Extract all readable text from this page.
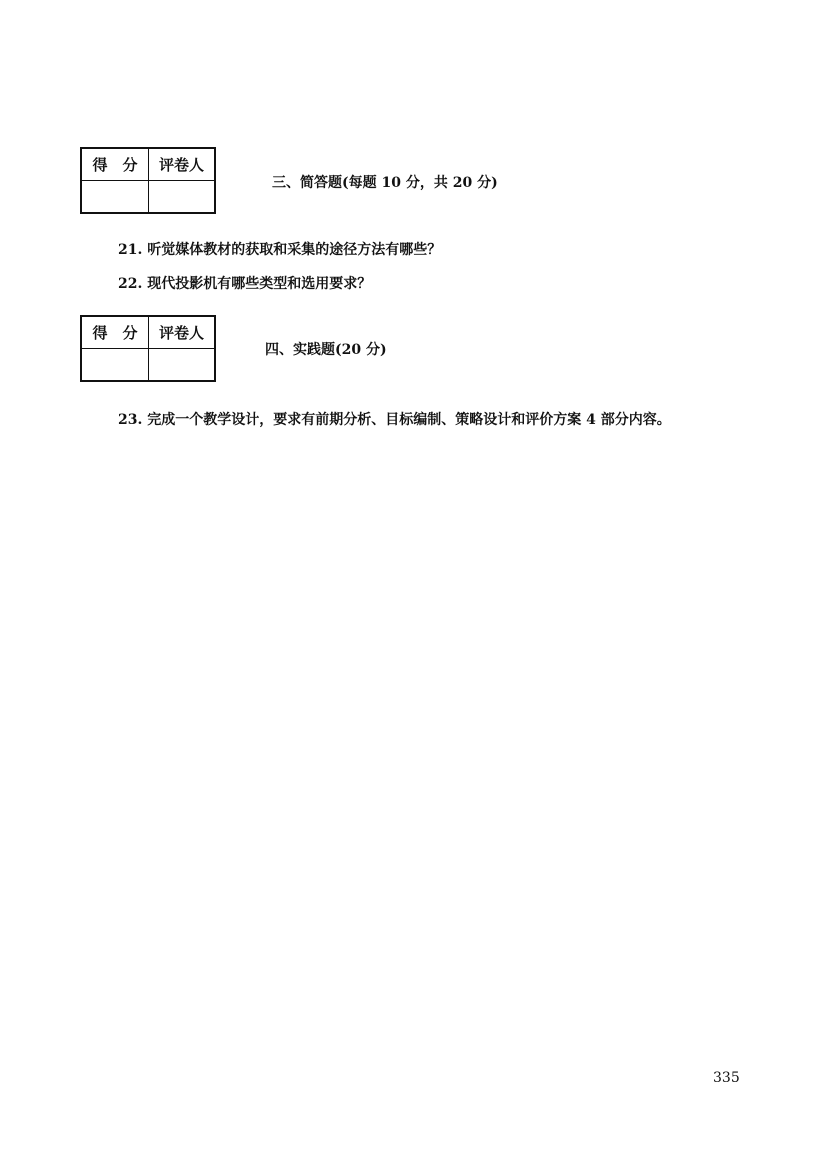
得　分	评卷人

三、简答题(每题 10 分，共 20 分)
21. 听觉媒体教材的获取和采集的途径方法有哪些？
22. 现代投影机有哪些类型和选用要求？
得　分	评卷人

四、实践题(20 分)
23. 完成一个教学设计，要求有前期分析、目标编制、策略设计和评价方案 4 部分内容。
335
